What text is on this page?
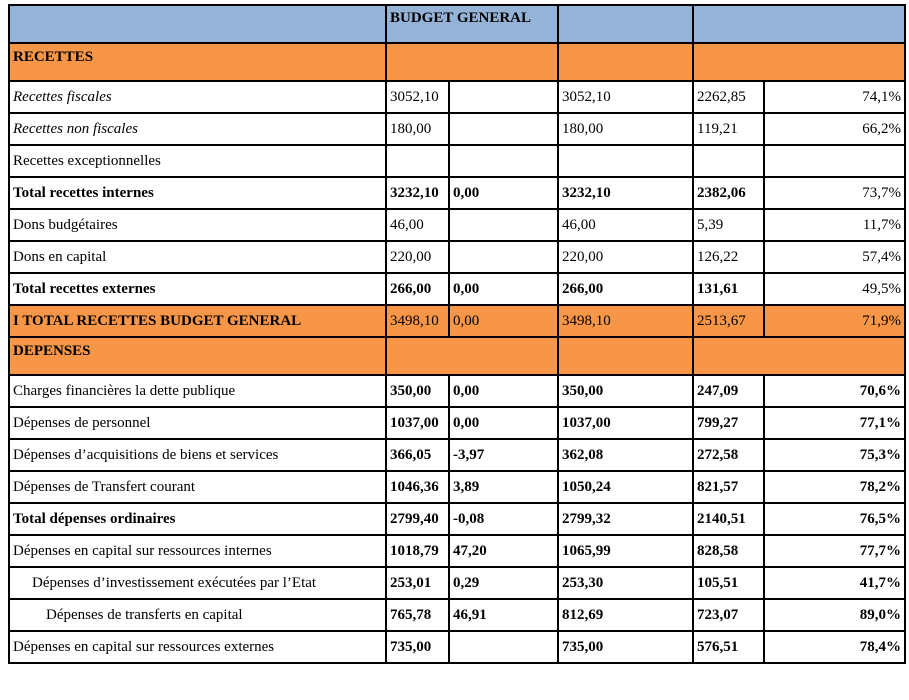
	BUDGET GENERAL				
RECETTES					
Recettes fiscales	3052,10		3052,10	2262,85	74,1%
Recettes non fiscales	180,00		180,00	119,21	66,2%
Recettes exceptionnelles					
Total recettes internes	3232,10	0,00	3232,10	2382,06	73,7%
Dons budgétaires	46,00		46,00	5,39	11,7%
Dons en capital	220,00		220,00	126,22	57,4%
Total recettes externes	266,00	0,00	266,00	131,61	49,5%
I TOTAL RECETTES BUDGET GENERAL	3498,10	0,00	3498,10	2513,67	71,9%
DEPENSES					
Charges financières la dette publique	350,00	0,00	350,00	247,09	70,6%
Dépenses de personnel	1037,00	0,00	1037,00	799,27	77,1%
Dépenses d’acquisitions de biens et services	366,05	-3,97	362,08	272,58	75,3%
Dépenses de Transfert courant	1046,36	3,89	1050,24	821,57	78,2%
Total dépenses ordinaires	2799,40	-0,08	2799,32	2140,51	76,5%
Dépenses en capital sur ressources internes	1018,79	47,20	1065,99	828,58	77,7%
Dépenses d’investissement exécutées par l’Etat	253,01	0,29	253,30	105,51	41,7%
Dépenses de transferts en capital	765,78	46,91	812,69	723,07	89,0%
Dépenses en capital sur ressources externes	735,00		735,00	576,51	78,4%
